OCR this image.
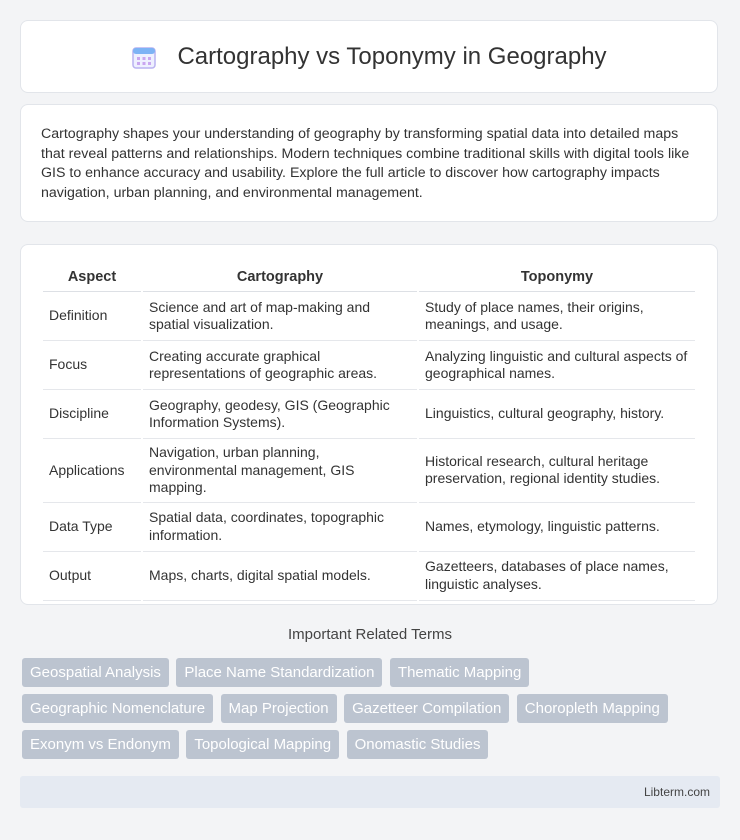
Cartography vs Toponymy in Geography

Cartography shapes your understanding of geography by transforming spatial data into detailed maps that reveal patterns and relationships. Modern techniques combine traditional skills with digital tools like GIS to enhance accuracy and usability. Explore the full article to discover how cartography impacts navigation, urban planning, and environmental management.

Aspect	Cartography	Toponymy
Definition	Science and art of map-making and spatial visualization.	Study of place names, their origins, meanings, and usage.
Focus	Creating accurate graphical representations of geographic areas.	Analyzing linguistic and cultural aspects of geographical names.
Discipline	Geography, geodesy, GIS (Geographic Information Systems).	Linguistics, cultural geography, history.
Applications	Navigation, urban planning, environmental management, GIS mapping.	Historical research, cultural heritage preservation, regional identity studies.
Data Type	Spatial data, coordinates, topographic information.	Names, etymology, linguistic patterns.
Output	Maps, charts, digital spatial models.	Gazetteers, databases of place names, linguistic analyses.
Important Related Terms
Geospatial Analysis Place Name Standardization Thematic Mapping Geographic Nomenclature Map Projection Gazetteer Compilation Choropleth Mapping Exonym vs Endonym Topological Mapping Onomastic Studies
Libterm.com
